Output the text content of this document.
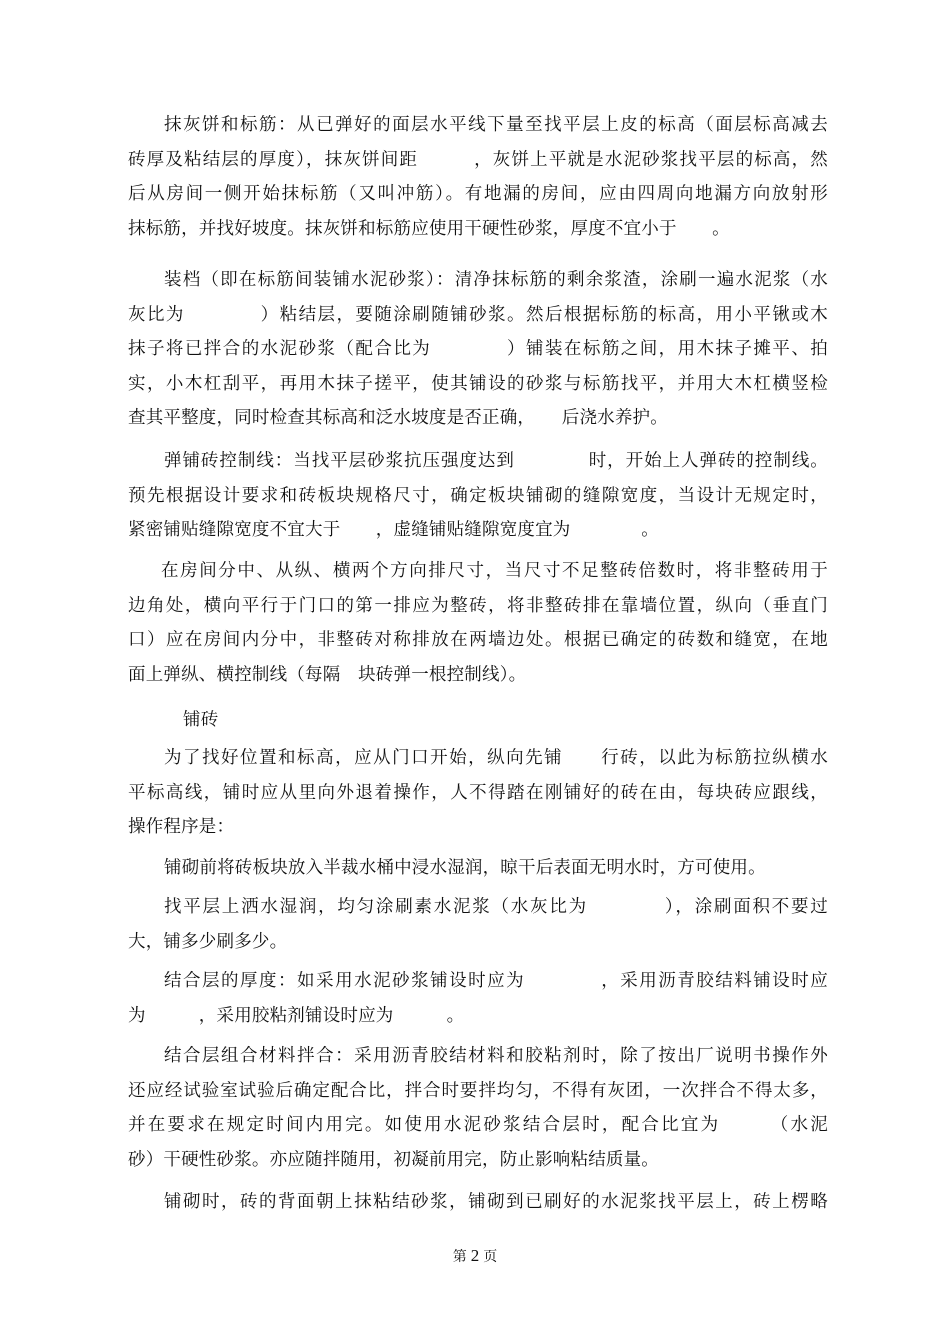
抹灰饼和标筋：从已弹好的面层水平线下量至找平层上皮的标高（面层标高减去
砖厚及粘结层的厚度），抹灰饼间距　　　，灰饼上平就是水泥砂浆找平层的标高，然
后从房间一侧开始抹标筋（又叫冲筋）。有地漏的房间，应由四周向地漏方向放射形
抹标筋，并找好坡度。抹灰饼和标筋应使用干硬性砂浆，厚度不宜小于　　。
装档（即在标筋间装铺水泥砂浆）：清净抹标筋的剩余浆渣，涂刷一遍水泥浆（水
灰比为　　　　）粘结层，要随涂刷随铺砂浆。然后根据标筋的标高，用小平锹或木
抹子将已拌合的水泥砂浆（配合比为　　　　）铺装在标筋之间，用木抹子摊平、拍
实，小木杠刮平，再用木抹子搓平，使其铺设的砂浆与标筋找平，并用大木杠横竖检
查其平整度，同时检查其标高和泛水坡度是否正确，　　后浇水养护。
弹铺砖控制线：当找平层砂浆抗压强度达到　　　　时，开始上人弹砖的控制线。
预先根据设计要求和砖板块规格尺寸，确定板块铺砌的缝隙宽度，当设计无规定时，
紧密铺贴缝隙宽度不宜大于　　，虚缝铺贴缝隙宽度宜为　　　　。
在房间分中、从纵、横两个方向排尺寸，当尺寸不足整砖倍数时，将非整砖用于
边角处，横向平行于门口的第一排应为整砖，将非整砖排在靠墙位置，纵向（垂直门
口）应在房间内分中，非整砖对称排放在两墙边处。根据已确定的砖数和缝宽，在地
面上弹纵、横控制线（每隔　块砖弹一根控制线）。
铺砖
为了找好位置和标高，应从门口开始，纵向先铺　　行砖，以此为标筋拉纵横水
平标高线，铺时应从里向外退着操作，人不得踏在刚铺好的砖在由，每块砖应跟线，
操作程序是：
铺砌前将砖板块放入半裁水桶中浸水湿润，晾干后表面无明水时，方可使用。
找平层上洒水湿润，均匀涂刷素水泥浆（水灰比为　　　　），涂刷面积不要过
大，铺多少刷多少。
结合层的厚度：如采用水泥砂浆铺设时应为　　　　，采用沥青胶结料铺设时应
为　　　，采用胶粘剂铺设时应为　　　。
结合层组合材料拌合：采用沥青胶结材料和胶粘剂时，除了按出厂说明书操作外
还应经试验室试验后确定配合比，拌合时要拌均匀，不得有灰团，一次拌合不得太多，
并在要求在规定时间内用完。如使用水泥砂浆结合层时，配合比宜为　　　（水泥
砂）干硬性砂浆。亦应随拌随用，初凝前用完，防止影响粘结质量。
铺砌时，砖的背面朝上抹粘结砂浆，铺砌到已刷好的水泥浆找平层上，砖上楞略
第 2 页
